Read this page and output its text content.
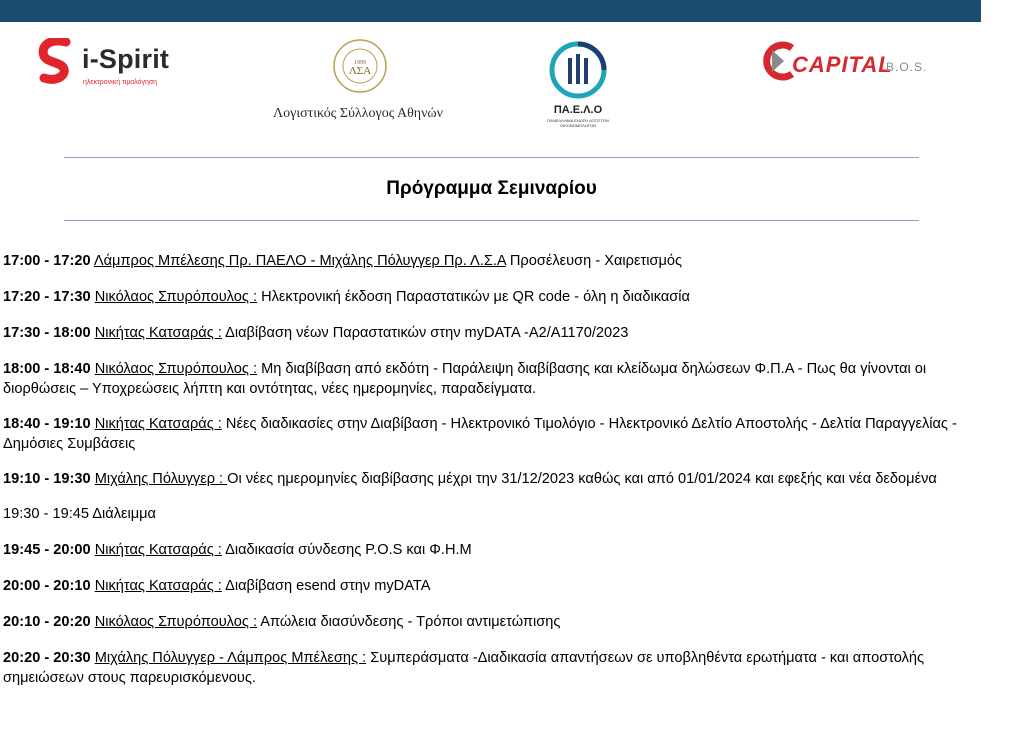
i-Spirit
ηλεκτρονική τιμολόγηση
1999
ΛΣΑ
Λογιστικός Σύλλογος Αθηνών	ΠΑ.Ε.Λ.Ο
ΠΑΝΕΛΛΗΝΙΑ ΕΝΩΣΗ ΛΟΓΙΣΤΩΝ ΟΙΚΟΝΟΜΟΛΟΓΩΝ
CAPITAL
B.O.S.
Πρόγραμμα Σεμιναρίου

17:00 - 17:20 Λάμπρος Μπέλεσης Πρ. ΠΑΕΛΟ - Μιχάλης Πόλυγγερ Πρ. Λ.Σ.Α Προσέλευση - Χαιρετισμός

17:20 - 17:30 Νικόλαος Σπυρόπουλος : Ηλεκτρονική έκδοση Παραστατικών με QR code - όλη η διαδικασία

17:30 - 18:00 Νικήτας Κατσαράς : Διαβίβαση νέων Παραστατικών στην myDATA -Α2/Α1170/2023

18:00 - 18:40 Νικόλαος Σπυρόπουλος : Μη διαβίβαση από εκδότη - Παράλειψη διαβίβασης και κλείδωμα δηλώσεων Φ.Π.Α - Πως θα γίνονται οι διορθώσεις – Υποχρεώσεις λήπτη και οντότητας, νέες ημερομηνίες, παραδείγματα.

18:40 - 19:10 Νικήτας Κατσαράς : Νέες διαδικασίες στην Διαβίβαση - Ηλεκτρονικό Τιμολόγιο - Ηλεκτρονικό Δελτίο Αποστολής - Δελτία Παραγγελίας - Δημόσιες Συμβάσεις

19:10 - 19:30 Μιχάλης Πόλυγγερ : Οι νέες ημερομηνίες διαβίβασης μέχρι την 31/12/2023 καθώς και από 01/01/2024 και εφεξής και νέα δεδομένα

19:30 - 19:45 Διάλειμμα

19:45 - 20:00 Νικήτας Κατσαράς : Διαδικασία σύνδεσης P.O.S και Φ.Η.Μ

20:00 - 20:10 Νικήτας Κατσαράς : Διαβίβαση esend στην myDATA

20:10 - 20:20 Νικόλαος Σπυρόπουλος : Απώλεια διασύνδεσης - Τρόποι αντιμετώπισης

20:20 - 20:30 Μιχάλης Πόλυγγερ - Λάμπρος Μπέλεσης : Συμπεράσματα -Διαδικασία απαντήσεων σε υποβληθέντα ερωτήματα - και αποστολής σημειώσεων στους παρευρισκόμενους.
